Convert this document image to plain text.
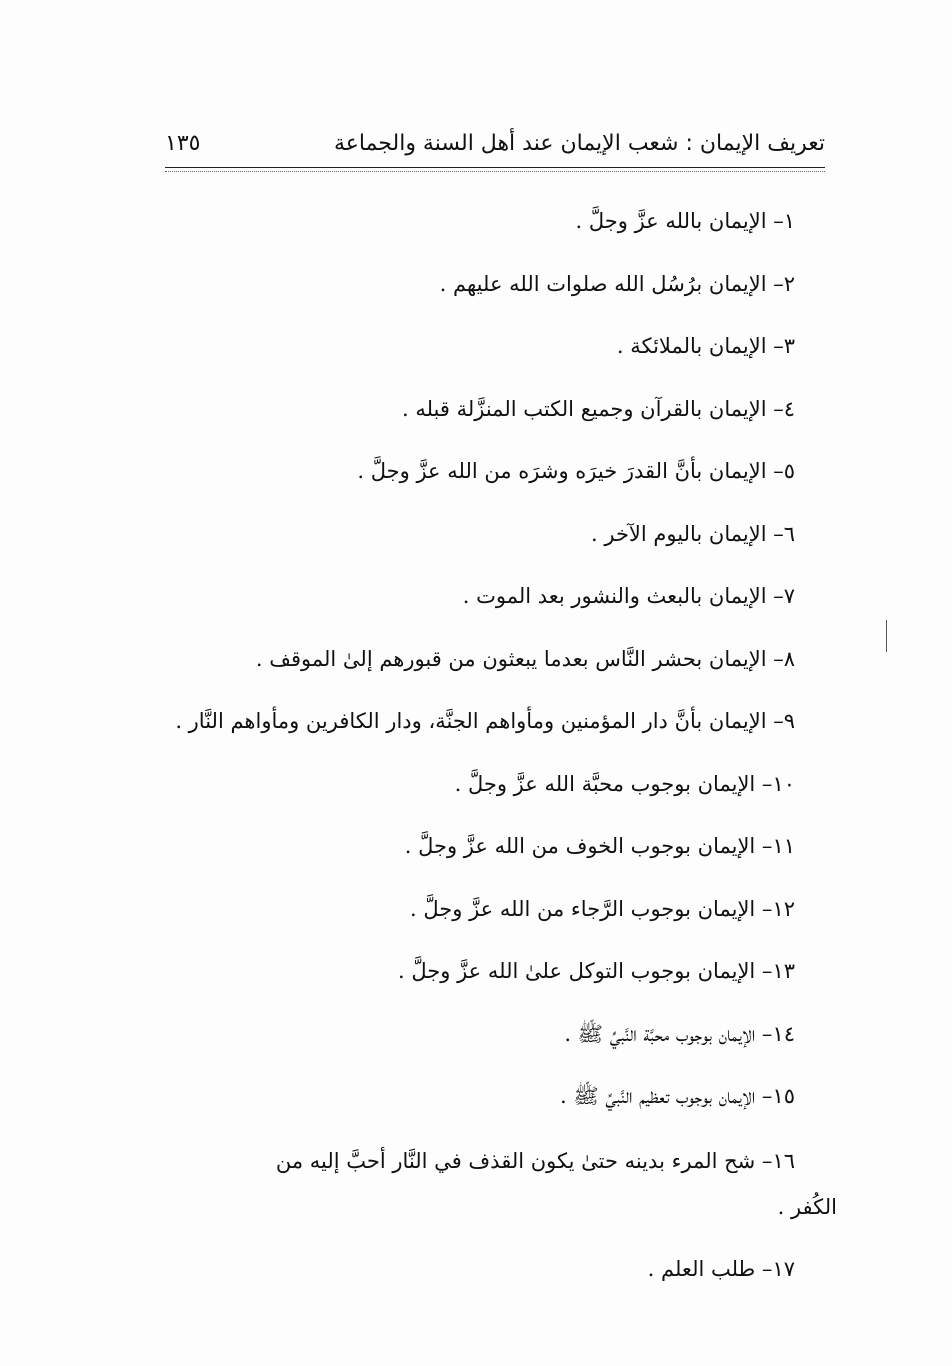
تعريف الإيمان : شعب الإيمان عند أهل السنة والجماعة
١٣٥
١– الإيمان بالله عزَّ وجلَّ .
٢– الإيمان برُسُل الله صلوات الله عليهم .
٣– الإيمان بالملائكة .
٤– الإيمان بالقرآن وجميع الكتب المنزَّلة قبله .
٥– الإيمان بأنَّ القدرَ خيرَه وشرَه من الله عزَّ وجلَّ .
٦– الإيمان باليوم الآخر .
٧– الإيمان بالبعث والنشور بعد الموت .
٨– الإيمان بحشر النَّاس بعدما يبعثون من قبورهم إلىٰ الموقف .
٩– الإيمان بأنَّ دار المؤمنين ومأواهم الجنَّة، ودار الكافرين ومأواهم النَّار .
١٠– الإيمان بوجوب محبَّة الله عزَّ وجلَّ .
١١– الإيمان بوجوب الخوف من الله عزَّ وجلَّ .
١٢– الإيمان بوجوب الرَّجاء من الله عزَّ وجلَّ .
١٣– الإيمان بوجوب التوكل علىٰ الله عزَّ وجلَّ .
١٤– الإيمان بوجوب محبَّة النَّبيِّ ﷺ .
١٥– الإيمان بوجوب تعظيم النَّبيِّ ﷺ .
١٦– شح المرء بدينه حتىٰ يكون القذف في النَّار أحبَّ إليه من
الكُفر .
١٧– طلب العلم .
